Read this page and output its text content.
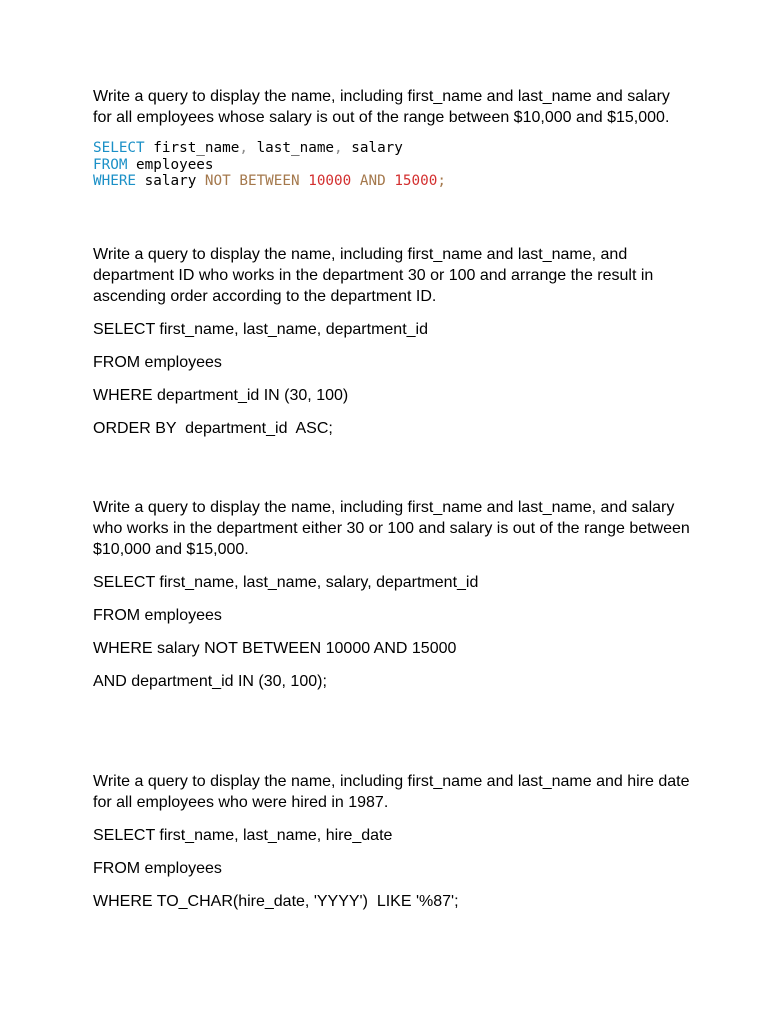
Write a query to display the name, including first_name and last_name and salary for all employees whose salary is out of the range between $10,000 and $15,000.

SELECT first_name, last_name, salary
FROM employees
WHERE salary NOT BETWEEN 10000 AND 15000;

Write a query to display the name, including first_name and last_name, and department ID who works in the department 30 or 100 and arrange the result in ascending order according to the department ID.

SELECT first_name, last_name, department_id

FROM employees

WHERE department_id IN (30, 100)

ORDER BY  department_id  ASC;

Write a query to display the name, including first_name and last_name, and salary who works in the department either 30 or 100 and salary is out of the range between $10,000 and $15,000.

SELECT first_name, last_name, salary, department_id

FROM employees

WHERE salary NOT BETWEEN 10000 AND 15000

AND department_id IN (30, 100);

Write a query to display the name, including first_name and last_name and hire date for all employees who were hired in 1987.

SELECT first_name, last_name, hire_date

FROM employees

WHERE TO_CHAR(hire_date, 'YYYY')  LIKE '%87';
